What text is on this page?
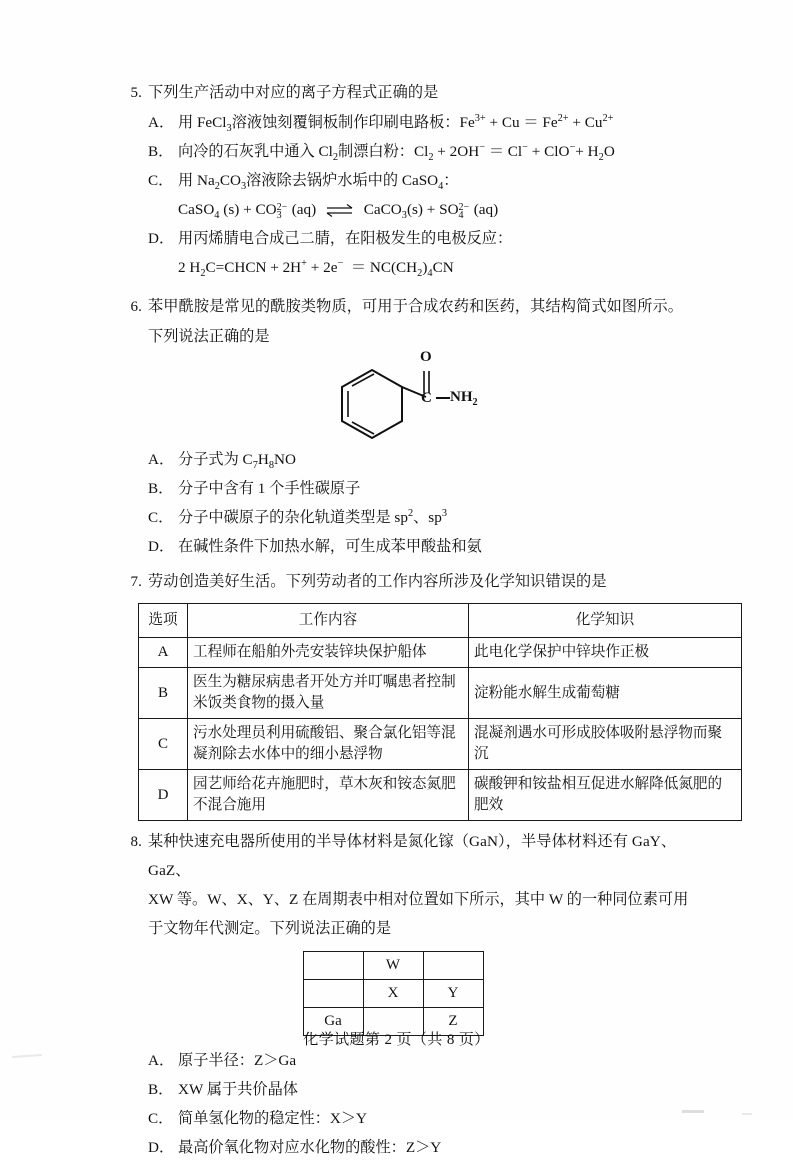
5. 下列生产活动中对应的离子方程式正确的是
A． 用 FeCl$_3$溶液蚀刻覆铜板制作印刷电路板：$Fe^{3+} + Cu = Fe^{2+} + Cu^{2+}$
B． 向冷的石灰乳中通入 $Cl_2$制漂白粉：$Cl_2 + 2OH^- = Cl^- + ClO^-+ H_2O$
C． 用 $Na_2CO_3$溶液除去锅炉水垢中的 CaSO$_4$：
CaSO$_4$ (s) + CO 2−
3 (aq) ⇌ CaCO$_3$(s) + SO 2−
4 (aq)
D． 用丙烯腈电合成己二腈，在阳极发生的电极反应：
2 $H_2C=CHCN + 2H^+ + 2e^- = NC(CH_2)_4CN$
6. 苯甲酰胺是常见的酰胺类物质，可用于合成农药和医药，其结构简式如图所示。
下列说法正确的是
O
C $NH_2$
A． 分子式为 $C_7H_8NO$
B． 分子中含有 1 个手性碳原子
C． 分子中碳原子的杂化轨道类型是 $sp^2$、$sp^3$
D． 在碱性条件下加热水解，可生成苯甲酸盐和氨
7. 劳动创造美好生活。下列劳动者的工作内容所涉及化学知识错误的是
选项	工作内容	化学知识
A	工程师在船舶外壳安装锌块保护船体	此电化学保护中锌块作正极
B	医生为糖尿病患者开处方并叮嘱患者控制米饭类食物的摄入量	淀粉能水解生成葡萄糖
C	污水处理员利用硫酸铝、聚合氯化铝等混凝剂除去水体中的细小悬浮物	混凝剂遇水可形成胶体吸附悬浮物而聚沉
D	园艺师给花卉施肥时，草木灰和铵态氮肥不混合施用	碳酸钾和铵盐相互促进水解降低氮肥的肥效
8. 某种快速充电器所使用的半导体材料是氮化镓（GaN），半导体材料还有 GaY、GaZ、
XW 等。W、X、Y、Z 在周期表中相对位置如下所示，其中 W 的一种同位素可用
于文物年代测定。下列说法正确的是
	W	
	X	Y
Ga		Z
A． 原子半径：Z＞Ga
B． XW 属于共价晶体
C． 简单氢化物的稳定性：X＞Y
D． 最高价氧化物对应水化物的酸性：Z＞Y
化学试题第 2 页（共 8 页）
